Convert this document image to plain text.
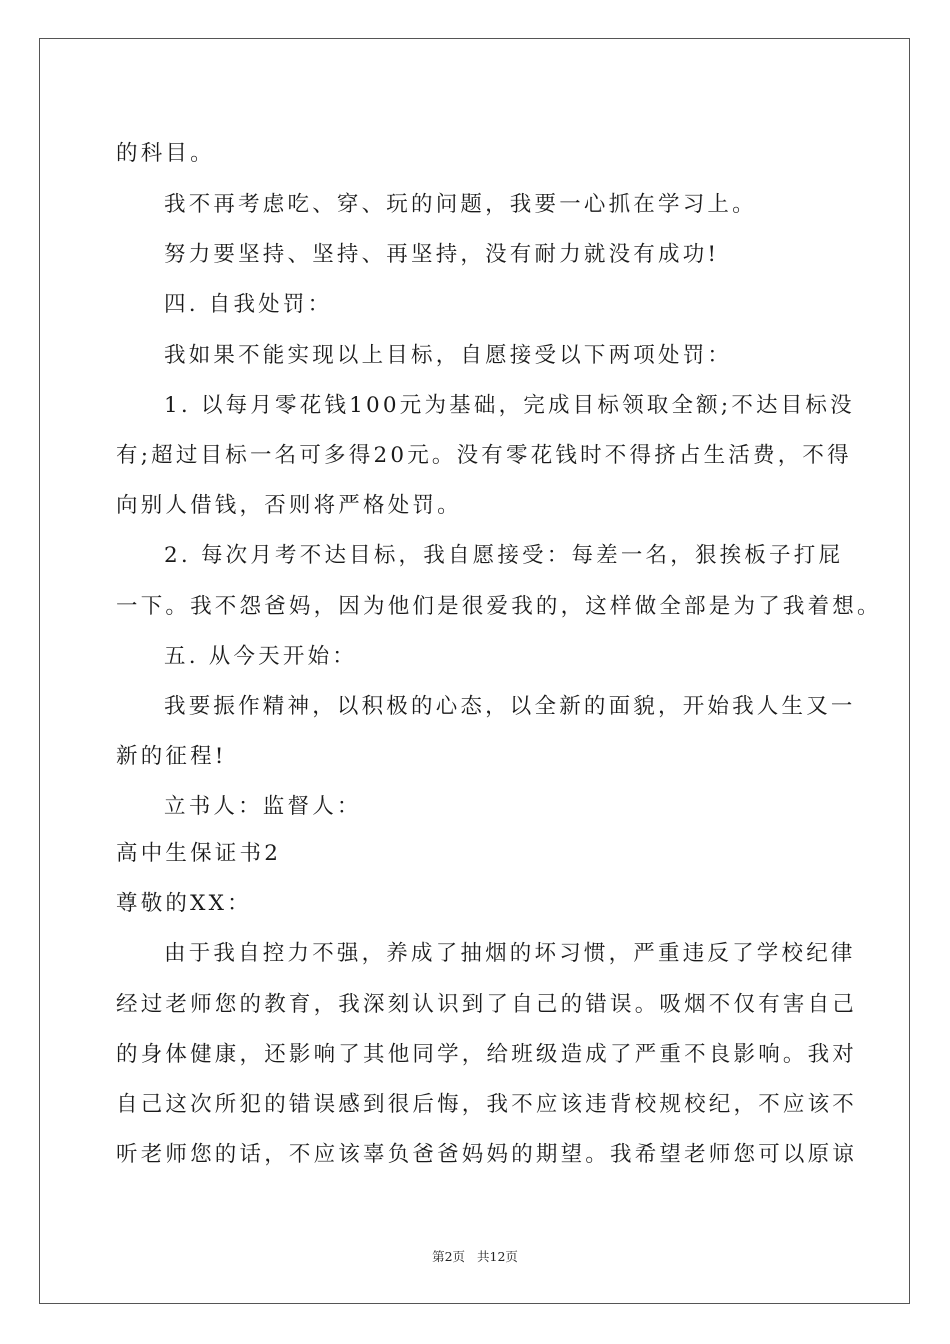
的科目。
我不再考虑吃、穿、玩的问题，我要一心抓在学习上。
努力要坚持、坚持、再坚持，没有耐力就没有成功!
四. 自我处罚：
我如果不能实现以上目标，自愿接受以下两项处罚：
1. 以每月零花钱100元为基础，完成目标领取全额;不达目标没
有;超过目标一名可多得20元。没有零花钱时不得挤占生活费，不得
向别人借钱，否则将严格处罚。
2. 每次月考不达目标，我自愿接受：每差一名，狠挨板子打屁
一下。我不怨爸妈，因为他们是很爱我的，这样做全部是为了我着想。
五. 从今天开始：
我要振作精神，以积极的心态，以全新的面貌，开始我人生又一
新的征程!
立书人：监督人：
高中生保证书2
尊敬的XX：
由于我自控力不强，养成了抽烟的坏习惯，严重违反了学校纪律
经过老师您的教育，我深刻认识到了自己的错误。吸烟不仅有害自己
的身体健康，还影响了其他同学，给班级造成了严重不良影响。我对
自己这次所犯的错误感到很后悔，我不应该违背校规校纪，不应该不
听老师您的话，不应该辜负爸爸妈妈的期望。我希望老师您可以原谅
第2页 共12页
